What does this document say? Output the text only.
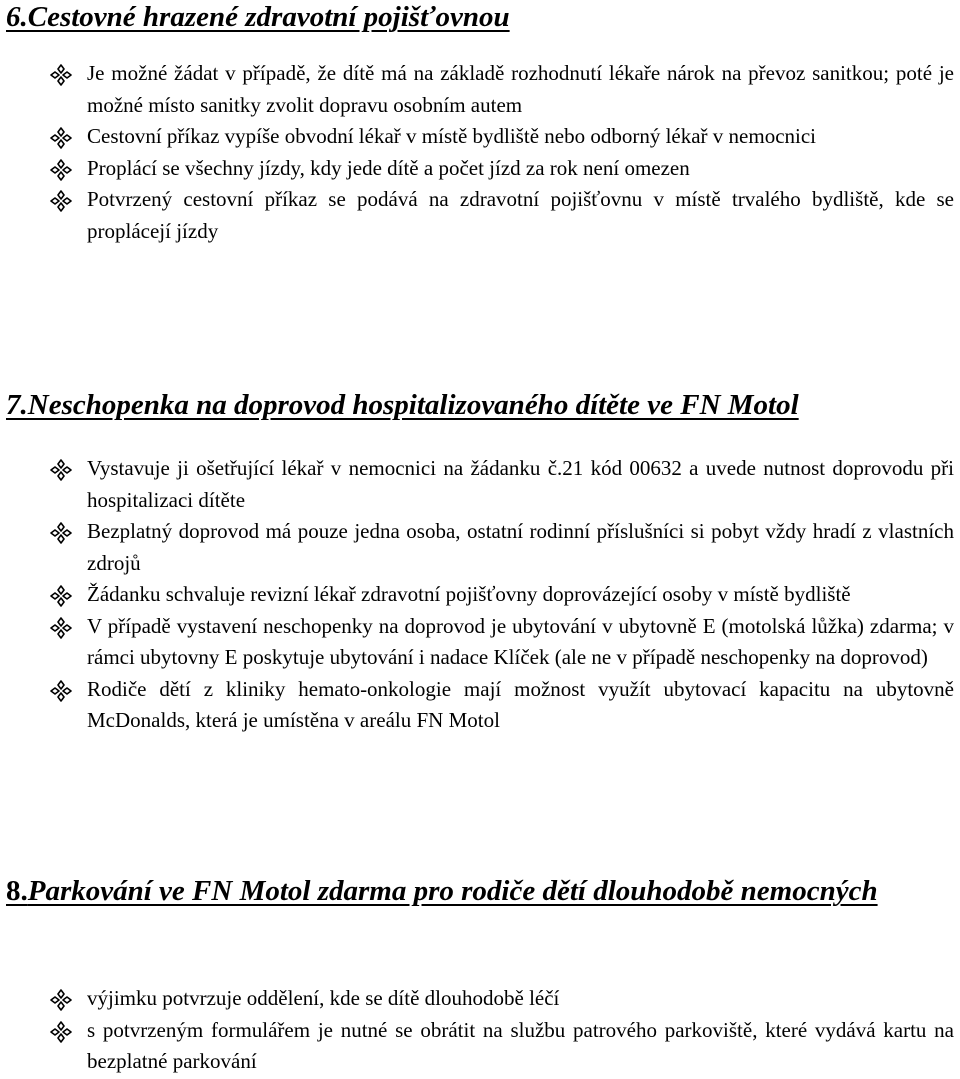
6.Cestovné hrazené zdravotní pojišťovnou
Je možné žádat v případě, že dítě má na základě rozhodnutí lékaře nárok na převoz sanitkou; poté je možné místo sanitky zvolit dopravu osobním autem
Cestovní příkaz vypíše obvodní lékař v místě bydliště nebo odborný lékař v nemocnici
Proplácí se všechny jízdy, kdy jede dítě a počet jízd za rok není omezen
Potvrzený cestovní příkaz se podává na zdravotní pojišťovnu v místě trvalého bydliště, kde se proplácejí jízdy
7.Neschopenka na doprovod hospitalizovaného dítěte ve FN Motol
Vystavuje ji ošetřující lékař v nemocnici na žádanku č.21 kód 00632 a uvede nutnost doprovodu při hospitalizaci dítěte
Bezplatný doprovod má pouze jedna osoba, ostatní rodinní příslušníci si pobyt vždy hradí z vlastních zdrojů
Žádanku schvaluje revizní lékař zdravotní pojišťovny doprovázející osoby v místě bydliště
V případě vystavení neschopenky na doprovod je ubytování v ubytovně E (motolská lůžka) zdarma; v rámci ubytovny E poskytuje ubytování i nadace Klíček (ale ne v případě neschopenky na doprovod)
Rodiče dětí z kliniky hemato-onkologie mají možnost využít ubytovací kapacitu na ubytovně McDonalds, která je umístěna v areálu FN Motol
8.Parkování ve FN Motol zdarma pro rodiče dětí dlouhodobě nemocných
výjimku potvrzuje oddělení, kde se dítě dlouhodobě léčí
s potvrzeným formulářem je nutné se obrátit na službu patrového parkoviště, které vydává kartu na bezplatné parkování
